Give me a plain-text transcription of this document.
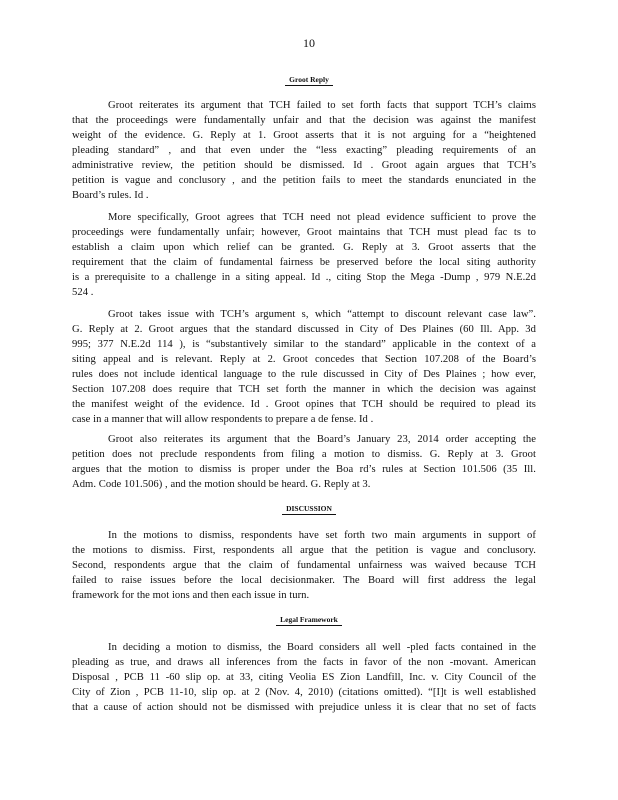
10
Groot Reply
Groot reiterates its argument that TCH failed to set forth facts that support TCH’s claims
that the proceedings were fundamentally unfair and that the decision was against the manifest
weight of the evidence. G. Reply at 1. Groot asserts that it is not arguing for a “heightened
pleading standard” , and that even under the “less exacting” pleading requirements of an
administrative review, the petition should be dismissed. Id . Groot again argues that TCH’s
petition is vague and conclusory , and the petition fails to meet the standards enunciated in the
Board’s rules. Id .
More specifically, Groot agrees that TCH need not plead evidence sufficient to prove the
proceedings were fundamentally unfair; however, Groot maintains that TCH must plead fac ts to
establish a claim upon which relief can be granted. G. Reply at 3. Groot asserts that the
requirement that the claim of fundamental fairness be preserved before the local siting authority
is a prerequisite to a challenge in a siting appeal. Id ., citing Stop the Mega -Dump , 979 N.E.2d
524 .
Groot takes issue with TCH’s argument s, which “attempt to discount relevant case law”.
G. Reply at 2. Groot argues that the standard discussed in City of Des Plaines (60 Ill. App. 3d
995; 377 N.E.2d 114 ), is “substantively similar to the standard” applicable in the context of a
siting appeal and is relevant. Reply at 2. Groot concedes that Section 107.208 of the Board’s
rules does not include identical language to the rule discussed in City of Des Plaines ; how ever,
Section 107.208 does require that TCH set forth the manner in which the decision was against
the manifest weight of the evidence. Id . Groot opines that TCH should be required to plead its
case in a manner that will allow respondents to prepare a de fense. Id .
Groot also reiterates its argument that the Board’s January 23, 2014 order accepting the
petition does not preclude respondents from filing a motion to dismiss. G. Reply at 3. Groot
argues that the motion to dismiss is proper under the Boa rd’s rules at Section 101.506 (35 Ill.
Adm. Code 101.506) , and the motion should be heard. G. Reply at 3.
DISCUSSION
In the motions to dismiss, respondents have set forth two main arguments in support of
the motions to dismiss. First, respondents all argue that the petition is vague and conclusory.
Second, respondents argue that the claim of fundamental unfairness was waived because TCH
failed to raise issues before the local decisionmaker. The Board will first address the legal
framework for the mot ions and then each issue in turn.
Legal Framework
In deciding a motion to dismiss, the Board considers all well -pled facts contained in the
pleading as true, and draws all inferences from the facts in favor of the non -movant. American
Disposal , PCB 11 -60 slip op. at 33, citing Veolia ES Zion Landfill, Inc. v. City Council of the
City of Zion , PCB 11-10, slip op. at 2 (Nov. 4, 2010) (citations omitted). “[I]t is well established
that a cause of action should not be dismissed with prejudice unless it is clear that no set of facts
